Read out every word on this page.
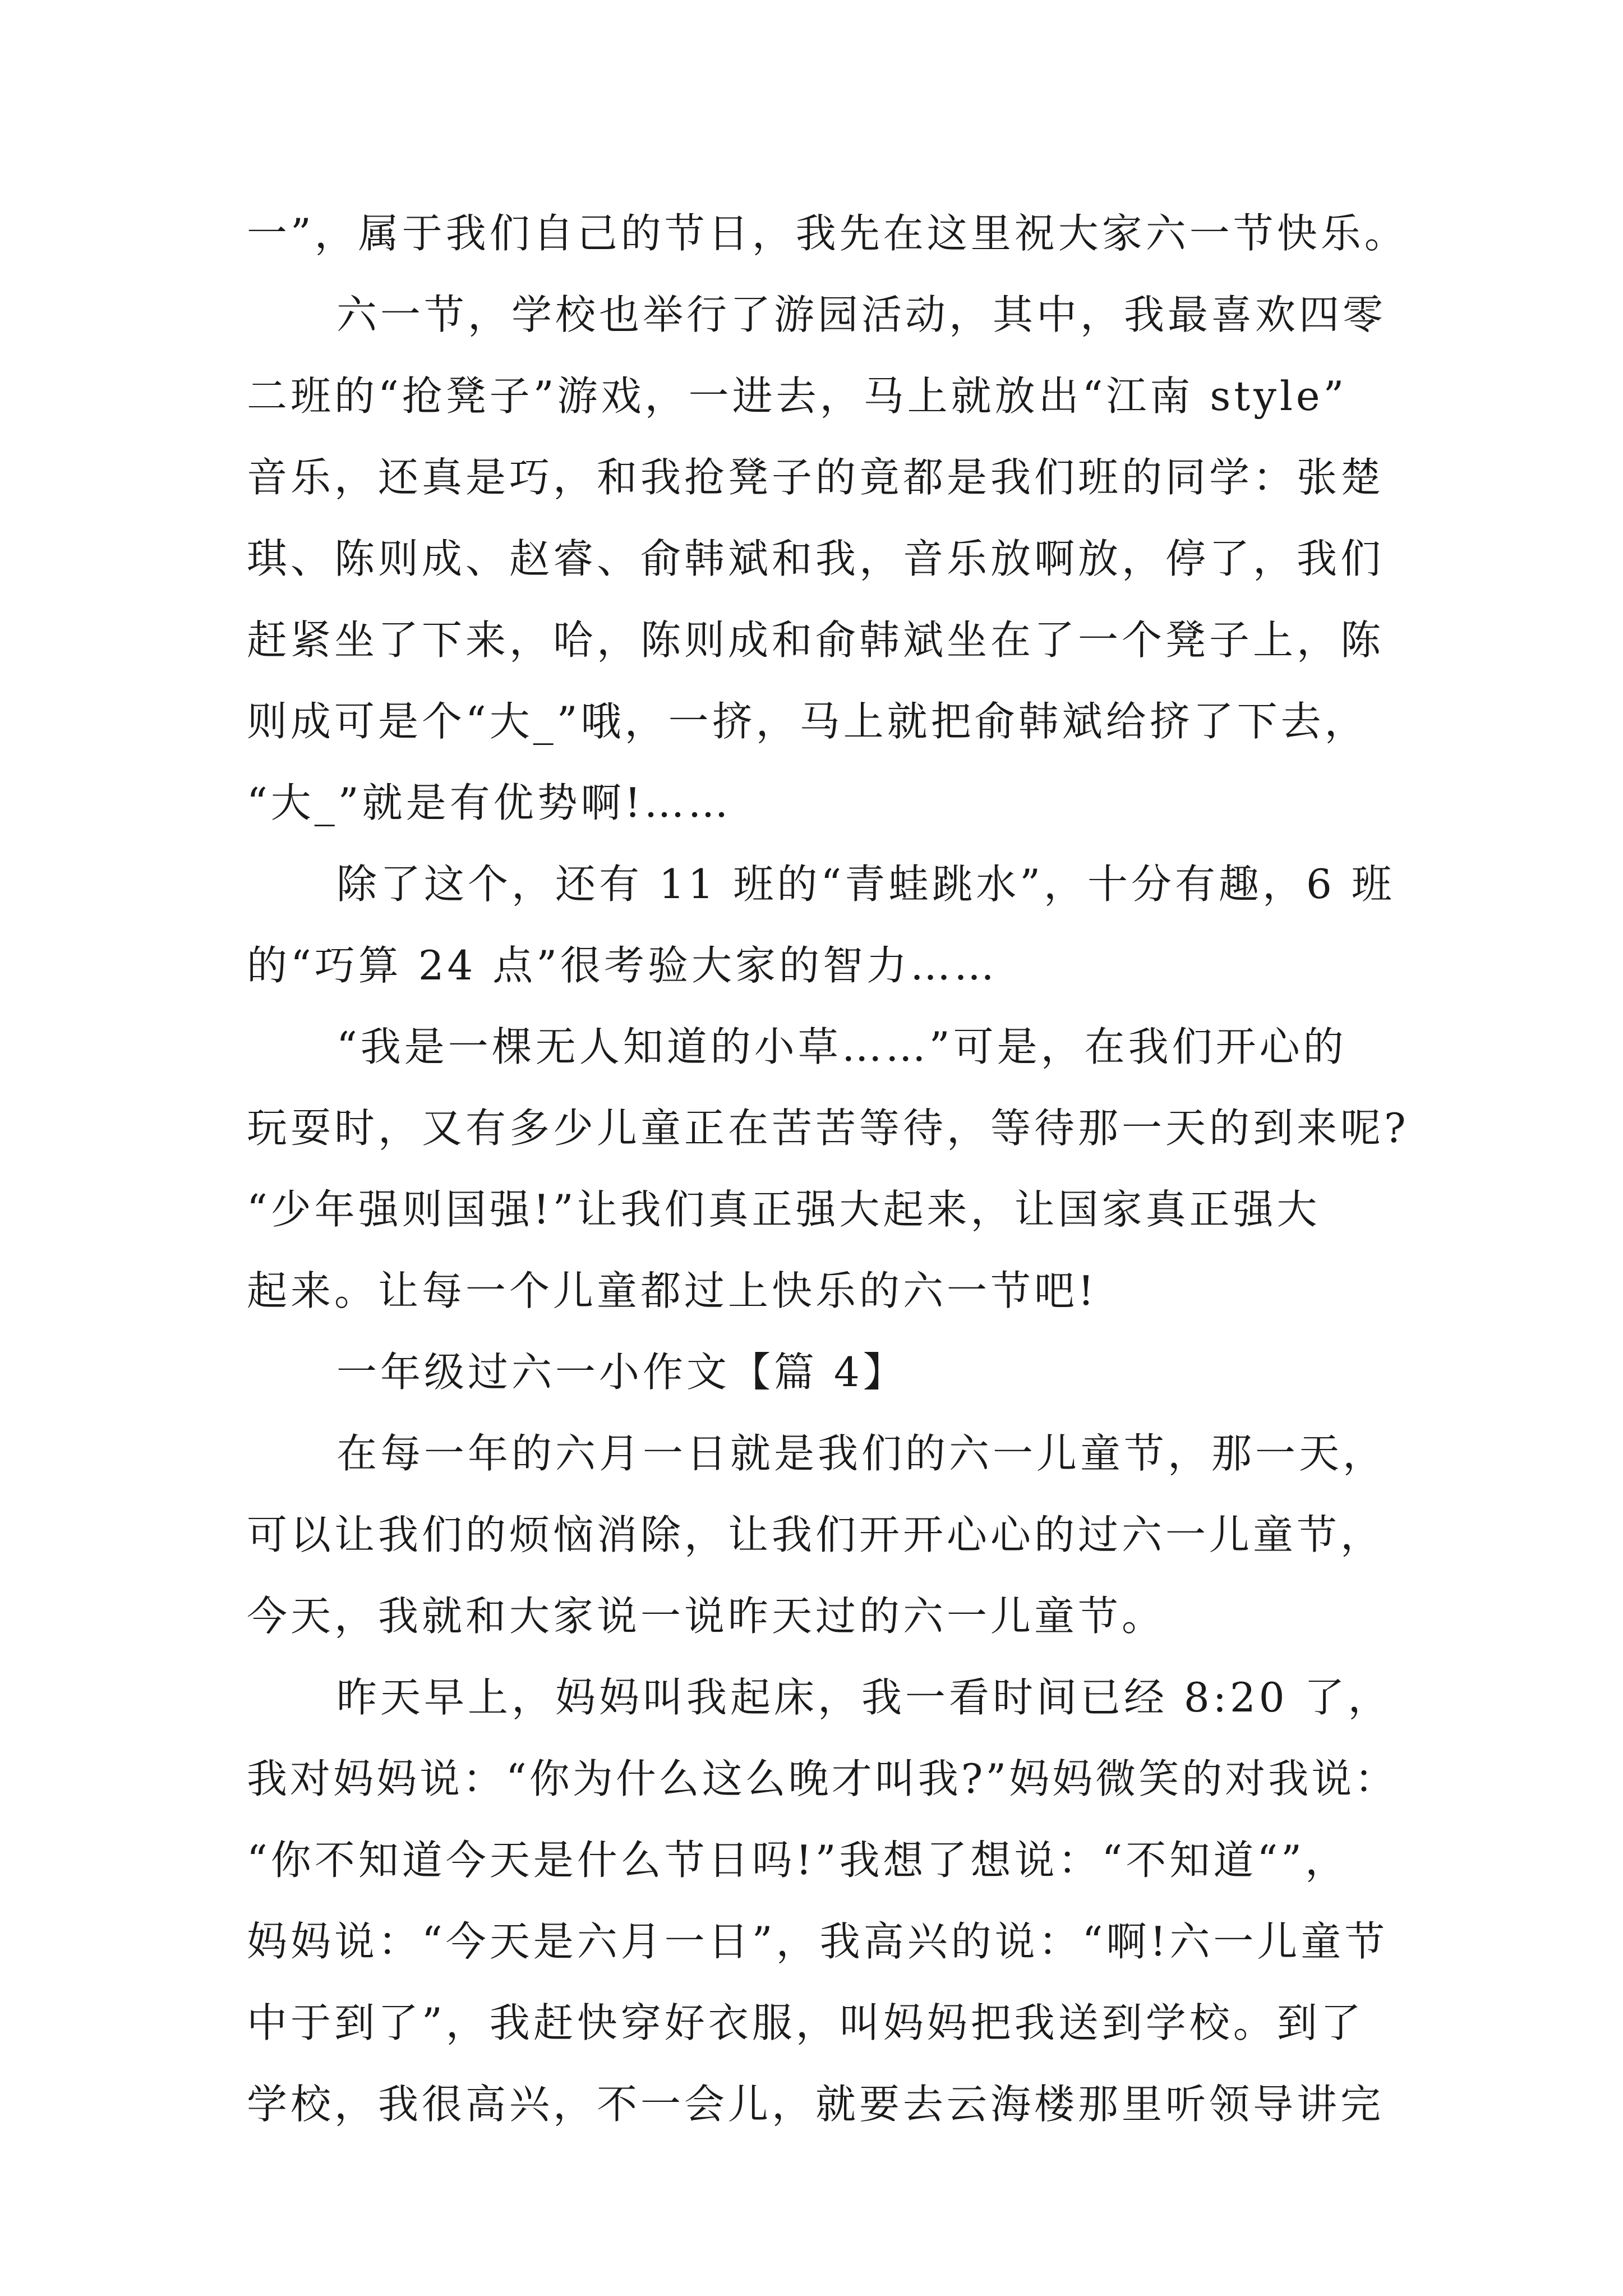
一”，属于我们自己的节日，我先在这里祝大家六一节快乐。
六一节，学校也举行了游园活动，其中，我最喜欢四零
二班的“抢凳子”游戏，一进去，马上就放出“江南 style”
音乐，还真是巧，和我抢凳子的竟都是我们班的同学：张楚
琪、陈则成、赵睿、俞韩斌和我，音乐放啊放，停了，我们
赶紧坐了下来，哈，陈则成和俞韩斌坐在了一个凳子上，陈
则成可是个“大_”哦，一挤，马上就把俞韩斌给挤了下去，
“大_”就是有优势啊!……
除了这个，还有 11 班的“青蛙跳水”，十分有趣，6 班
的“巧算 24 点”很考验大家的智力……
“我是一棵无人知道的小草……”可是，在我们开心的
玩耍时，又有多少儿童正在苦苦等待，等待那一天的到来呢?
“少年强则国强!”让我们真正强大起来，让国家真正强大
起来。让每一个儿童都过上快乐的六一节吧!
一年级过六一小作文【篇 4】
在每一年的六月一日就是我们的六一儿童节，那一天，
可以让我们的烦恼消除，让我们开开心心的过六一儿童节，
今天，我就和大家说一说昨天过的六一儿童节。
昨天早上，妈妈叫我起床，我一看时间已经 8:20 了，
我对妈妈说：“你为什么这么晚才叫我?”妈妈微笑的对我说：
“你不知道今天是什么节日吗!”我想了想说：“不知道“”，
妈妈说：“今天是六月一日”，我高兴的说：“啊!六一儿童节
中于到了”，我赶快穿好衣服，叫妈妈把我送到学校。到了
学校，我很高兴，不一会儿，就要去云海楼那里听领导讲完
